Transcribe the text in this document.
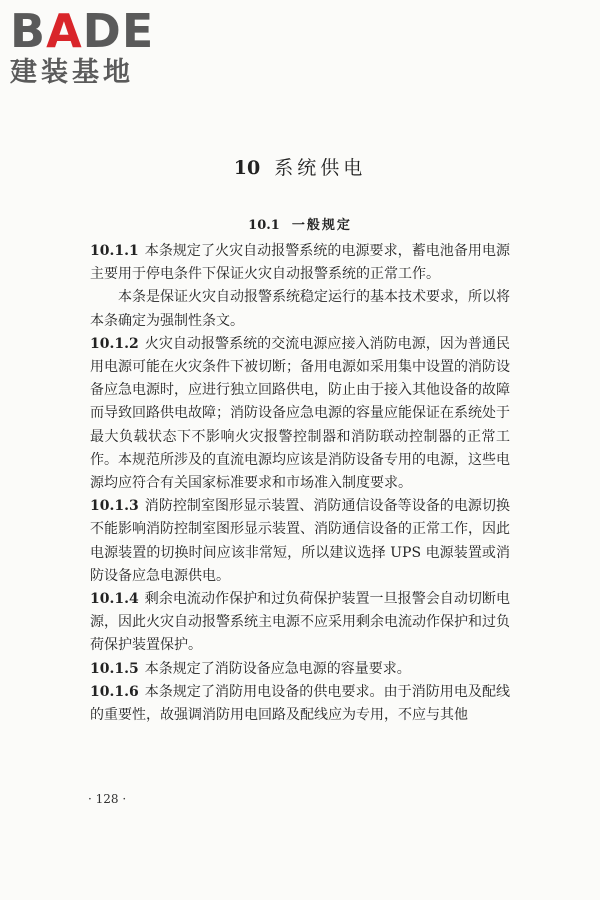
BADE
建装基地
10 系统供电
10.1 一般规定

10.1.1 本条规定了火灾自动报警系统的电源要求，蓄电池备用电源主要用于停电条件下保证火灾自动报警系统的正常工作。

本条是保证火灾自动报警系统稳定运行的基本技术要求，所以将本条确定为强制性条文。

10.1.2 火灾自动报警系统的交流电源应接入消防电源，因为普通民用电源可能在火灾条件下被切断；备用电源如采用集中设置的消防设备应急电源时，应进行独立回路供电，防止由于接入其他设备的故障而导致回路供电故障；消防设备应急电源的容量应能保证在系统处于最大负载状态下不影响火灾报警控制器和消防联动控制器的正常工作。本规范所涉及的直流电源均应该是消防设备专用的电源，这些电源均应符合有关国家标准要求和市场准入制度要求。

10.1.3 消防控制室图形显示装置、消防通信设备等设备的电源切换不能影响消防控制室图形显示装置、消防通信设备的正常工作，因此电源装置的切换时间应该非常短，所以建议选择 UPS 电源装置或消防设备应急电源供电。

10.1.4 剩余电流动作保护和过负荷保护装置一旦报警会自动切断电源，因此火灾自动报警系统主电源不应采用剩余电流动作保护和过负荷保护装置保护。

10.1.5 本条规定了消防设备应急电源的容量要求。

10.1.6 本条规定了消防用电设备的供电要求。由于消防用电及配线的重要性，故强调消防用电回路及配线应为专用，不应与其他

· 128 ·
